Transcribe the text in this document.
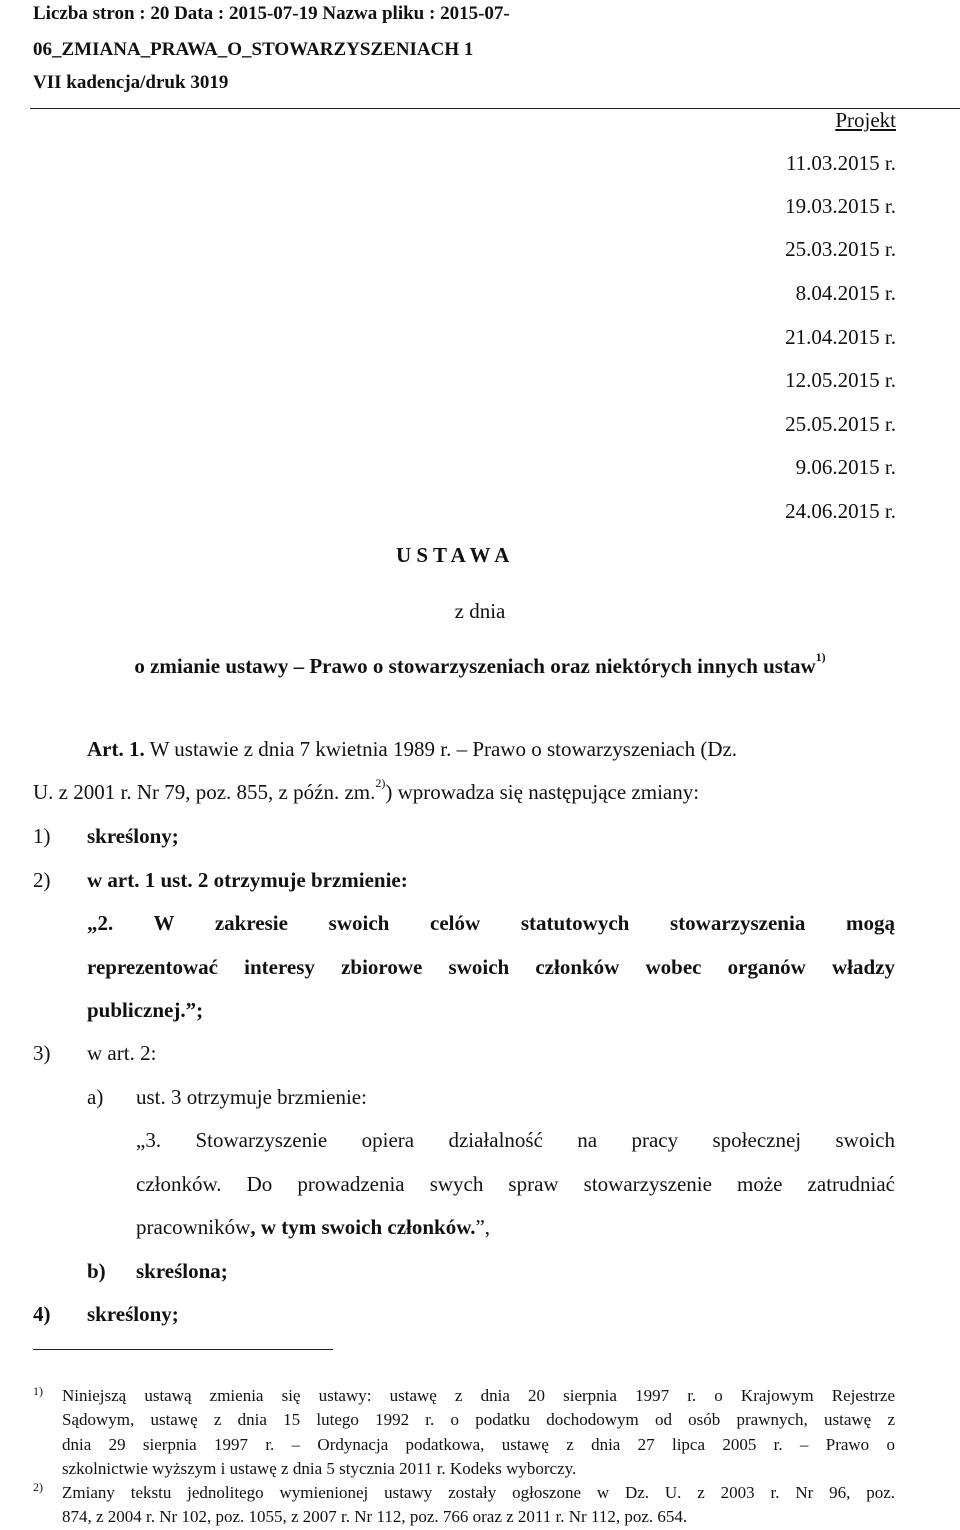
Liczba stron : 20 Data : 2015-07-19 Nazwa pliku : 2015-07-
06_ZMIANA_PRAWA_O_STOWARZYSZENIACH 1
VII kadencja/druk 3019
Projekt
11.03.2015 r.
19.03.2015 r.
25.03.2015 r.
8.04.2015 r.
21.04.2015 r.
12.05.2015 r.
25.05.2015 r.
9.06.2015 r.
24.06.2015 r.
U S T A W A
z dnia
o zmianie ustawy – Prawo o stowarzyszeniach oraz niektórych innych ustaw$^{1)}$
Art. 1. W ustawie z dnia 7 kwietnia 1989 r. – Prawo o stowarzyszeniach (Dz.
U. z 2001 r. Nr 79, poz. 855, z późn. zm.$^{2)}$) wprowadza się następujące zmiany:
1) skreślony;
2) w art. 1 ust. 2 otrzymuje brzmienie:
„2. W zakresie swoich celów statutowych stowarzyszenia mogą
reprezentować interesy zbiorowe swoich członków wobec organów władzy
publicznej.”;
3) w art. 2:
a) ust. 3 otrzymuje brzmienie:
„3. Stowarzyszenie opiera działalność na pracy społecznej swoich
członków. Do prowadzenia swych spraw stowarzyszenie może zatrudniać
pracowników, w tym swoich członków.”,
b) skreślona;
4) skreślony;
1) Niniejszą ustawą zmienia się ustawy: ustawę z dnia 20 sierpnia 1997 r. o Krajowym Rejestrze
Sądowym, ustawę z dnia 15 lutego 1992 r. o podatku dochodowym od osób prawnych, ustawę z
dnia 29 sierpnia 1997 r. – Ordynacja podatkowa, ustawę z dnia 27 lipca 2005 r. – Prawo o
szkolnictwie wyższym i ustawę z dnia 5 stycznia 2011 r. Kodeks wyborczy.
2) Zmiany tekstu jednolitego wymienionej ustawy zostały ogłoszone w Dz. U. z 2003 r. Nr 96, poz.
874, z 2004 r. Nr 102, poz. 1055, z 2007 r. Nr 112, poz. 766 oraz z 2011 r. Nr 112, poz. 654.
